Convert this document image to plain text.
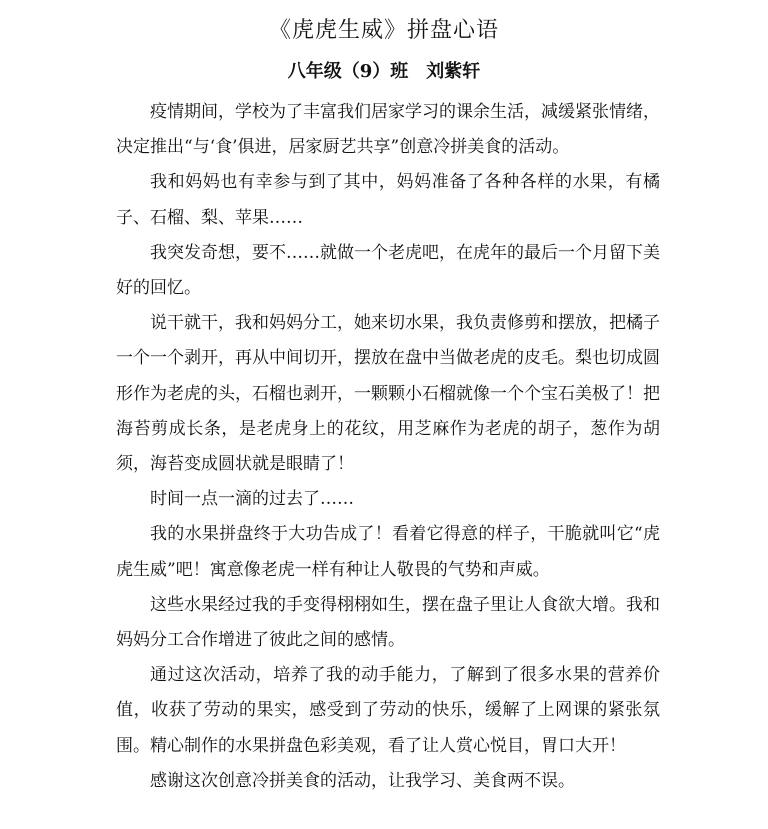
《虎虎生威》拼盘心语
八年级（9）班 刘紫轩

疫情期间，学校为了丰富我们居家学习的课余生活，减缓紧张情绪，决定推出“与‘食’俱进，居家厨艺共享”创意冷拼美食的活动。

我和妈妈也有幸参与到了其中，妈妈准备了各种各样的水果，有橘子、石榴、梨、苹果……

我突发奇想，要不……就做一个老虎吧，在虎年的最后一个月留下美好的回忆。

说干就干，我和妈妈分工，她来切水果，我负责修剪和摆放，把橘子一个一个剥开，再从中间切开，摆放在盘中当做老虎的皮毛。梨也切成圆形作为老虎的头，石榴也剥开，一颗颗小石榴就像一个个宝石美极了！把海苔剪成长条，是老虎身上的花纹，用芝麻作为老虎的胡子，葱作为胡须，海苔变成圆状就是眼睛了！

时间一点一滴的过去了……

我的水果拼盘终于大功告成了！看着它得意的样子，干脆就叫它“虎虎生威”吧！寓意像老虎一样有种让人敬畏的气势和声威。

这些水果经过我的手变得栩栩如生，摆在盘子里让人食欲大增。我和妈妈分工合作增进了彼此之间的感情。

通过这次活动，培养了我的动手能力，了解到了很多水果的营养价值，收获了劳动的果实，感受到了劳动的快乐，缓解了上网课的紧张氛围。精心制作的水果拼盘色彩美观，看了让人赏心悦目，胃口大开！

感谢这次创意冷拼美食的活动，让我学习、美食两不误。
